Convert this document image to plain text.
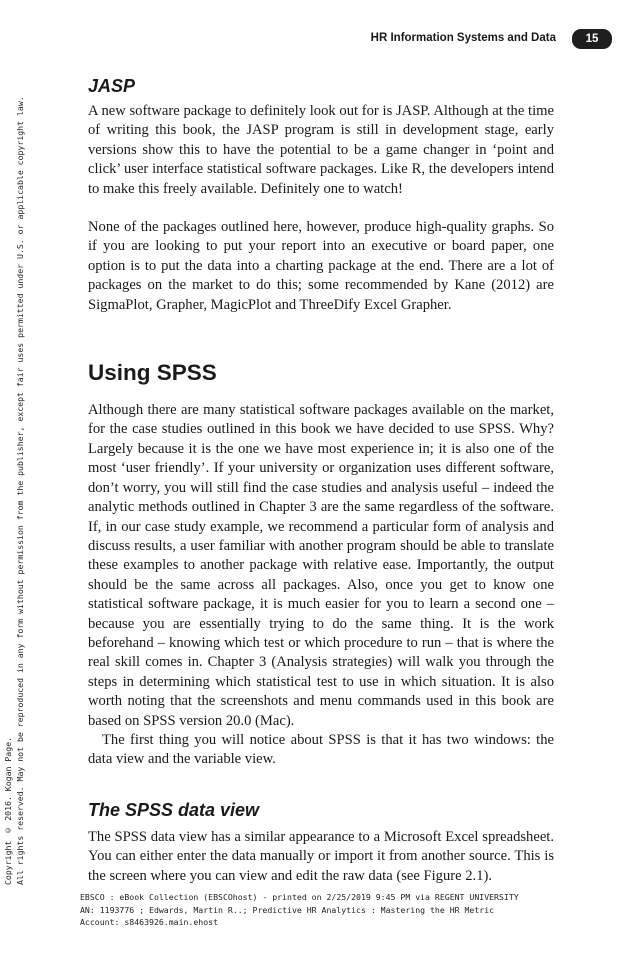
HR Information Systems and Data	15
Copyright © 2016. Kogan Page. All rights reserved. May not be reproduced in any form without permission from the publisher, except fair uses permitted under U.S. or applicable copyright law.
JASP

A new software package to definitely look out for is JASP. Although at the time of writing this book, the JASP program is still in development stage, early versions show this to have the potential to be a game changer in ‘point and click’ user interface statistical software packages. Like R, the developers intend to make this freely available. Definitely one to watch!

None of the packages outlined here, however, produce high-quality graphs. So if you are looking to put your report into an executive or board paper, one option is to put the data into a charting package at the end. There are a lot of packages on the market to do this; some recommended by Kane (2012) are SigmaPlot, Grapher, MagicPlot and ThreeDify Excel Grapher.

Using SPSS

Although there are many statistical software packages available on the market, for the case studies outlined in this book we have decided to use SPSS. Why? Largely because it is the one we have most experience in; it is also one of the most ‘user friendly’. If your university or organization uses different software, don’t worry, you will still find the case studies and analysis useful – indeed the analytic methods outlined in Chapter 3 are the same regardless of the software. If, in our case study example, we recommend a particular form of analysis and discuss results, a user familiar with another program should be able to translate these examples to another package with relative ease. Importantly, the output should be the same across all packages. Also, once you get to know one statistical software package, it is much easier for you to learn a second one – because you are essentially trying to do the same thing. It is the work beforehand – knowing which test or which procedure to run – that is where the real skill comes in. Chapter 3 (Analysis strategies) will walk you through the steps in determining which statistical test to use in which situation. It is also worth noting that the screenshots and menu commands used in this book are based on SPSS version 20.0 (Mac).

The first thing you will notice about SPSS is that it has two windows: the data view and the variable view.

The SPSS data view

The SPSS data view has a similar appearance to a Microsoft Excel spreadsheet. You can either enter the data manually or import it from another source. This is the screen where you can view and edit the raw data (see Figure 2.1).

EBSCO : eBook Collection (EBSCOhost) - printed on 2/25/2019 9:45 PM via REGENT UNIVERSITY
AN: 1193776 ; Edwards, Martin R..; Predictive HR Analytics : Mastering the HR Metric
Account: s8463926.main.ehost
